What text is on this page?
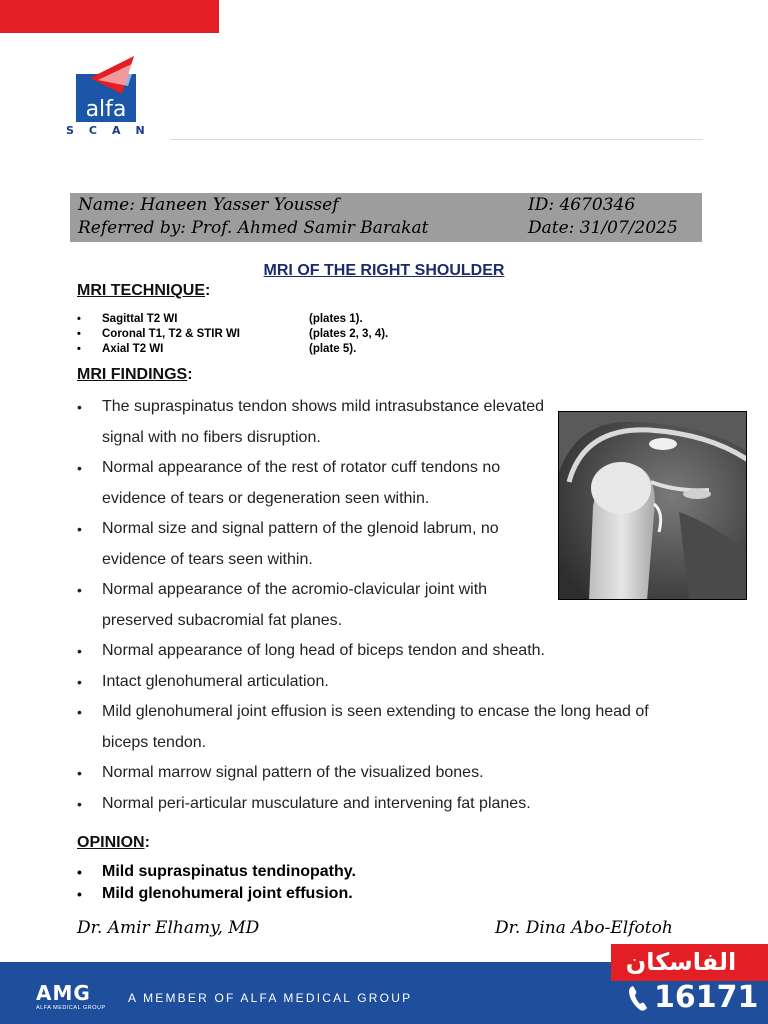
alfa
SCAN
Name: Haneen Yasser Youssef	ID: 4670346
Referred by: Prof. Ahmed Samir Barakat	Date: 31/07/2025
MRI OF THE RIGHT SHOULDER
MRI TECHNIQUE:
• Sagittal T2 WI	(plates 1).
• Coronal T1, T2 & STIR WI	(plates 2, 3, 4).
• Axial T2 WI	(plate 5).
MRI FINDINGS:
• The supraspinatus tendon shows mild intrasubstance elevated signal with no fibers disruption.
• Normal appearance of the rest of rotator cuff tendons no evidence of tears or degeneration seen within.
• Normal size and signal pattern of the glenoid labrum, no evidence of tears seen within.
• Normal appearance of the acromio-clavicular joint with preserved subacromial fat planes.
• Normal appearance of long head of biceps tendon and sheath.
• Intact glenohumeral articulation.
• Mild glenohumeral joint effusion is seen extending to encase the long head of biceps tendon.
• Normal marrow signal pattern of the visualized bones.
• Normal peri-articular musculature and intervening fat planes.
OPINION:
• Mild supraspinatus tendinopathy.
• Mild glenohumeral joint effusion.
Dr. Amir Elhamy, MD	Dr. Dina Abo-Elfotoh
AMG
ALFA MEDICAL GROUP
A MEMBER OF ALFA MEDICAL GROUP
الفاسكان
16171
